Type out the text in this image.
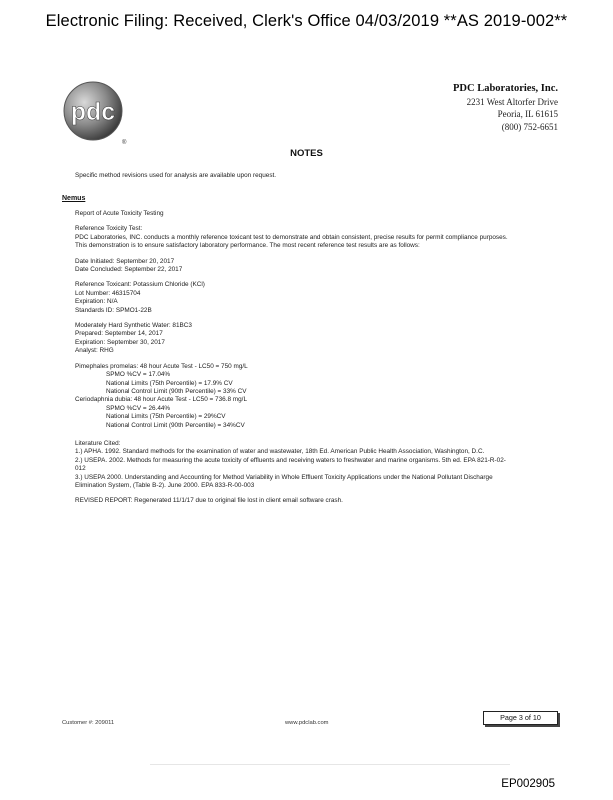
Electronic Filing: Received, Clerk's Office 04/03/2019 **AS 2019-002**
pdc
®
PDC Laboratories, Inc.
2231 West Altorfer Drive
Peoria, IL 61615
(800) 752-6651
NOTES
Specific method revisions used for analysis are available upon request.
Nemus

Report of Acute Toxicity Testing

Reference Toxicity Test:

PDC Laboratories, INC. conducts a monthly reference toxicant test to demonstrate and obtain consistent, precise results for permit compliance purposes. This demonstration is to ensure satisfactory laboratory performance. The most recent reference test results are as follows:

Date Initiated: September 20, 2017

Date Concluded: September 22, 2017

Reference Toxicant: Potassium Chloride (KCl)

Lot Number: 46315704

Expiration: N/A

Standards ID: SPMO1-22B

Moderately Hard Synthetic Water: 81BC3

Prepared: September 14, 2017

Expiration: September 30, 2017

Analyst: RHG

Pimephales promelas: 48 hour Acute Test - LC50 = 750 mg/L

SPMO %CV = 17.04%

National Limits (75th Percentile) = 17.9% CV

National Control Limit (90th Percentile) = 33% CV

Ceriodaphnia dubia: 48 hour Acute Test - LC50 = 736.8 mg/L

SPMO %CV = 26.44%

National Limits (75th Percentile) = 29%CV

National Control Limit (90th Percentile) = 34%CV

Literature Cited:

1.) APHA. 1992. Standard methods for the examination of water and wastewater, 18th Ed. American Public Health Association, Washington, D.C.

2.) USEPA. 2002. Methods for measuring the acute toxicity of effluents and receiving waters to freshwater and marine organisms. 5th ed. EPA 821-R-02-012

3.) USEPA 2000. Understanding and Accounting for Method Variability in Whole Effluent Toxicity Applications under the National Pollutant Discharge Elimination System, (Table B-2). June 2000. EPA 833-R-00-003

REVISED REPORT: Regenerated 11/1/17 due to original file lost in client email software crash.

Customer #: 209011	www.pdclab.com
Page 3 of 10
EP002905
